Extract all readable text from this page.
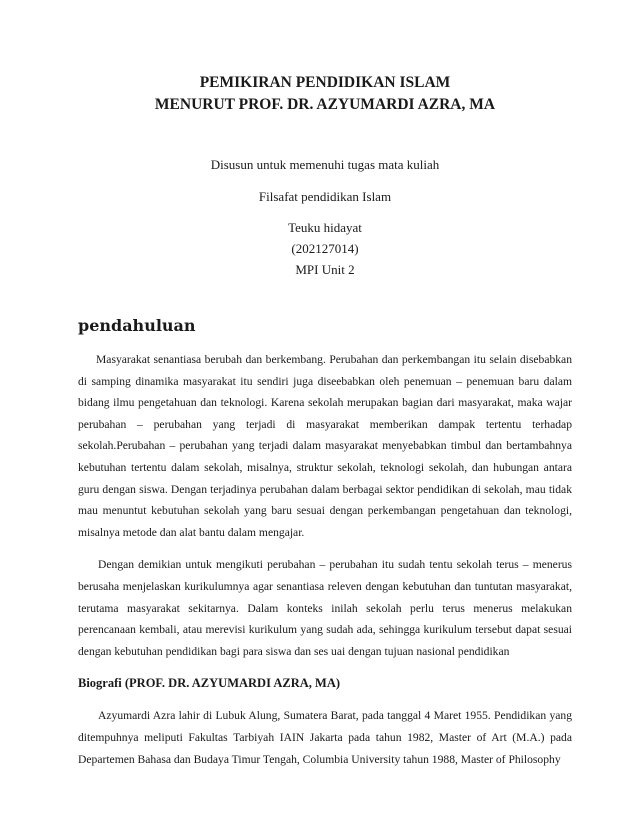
PEMIKIRAN PENDIDIKAN ISLAM

MENURUT PROF. DR. AZYUMARDI AZRA, MA

Disusun untuk memenuhi tugas mata kuliah

Filsafat pendidikan Islam

Teuku hidayat

(202127014)

MPI Unit 2

pendahuluan

Masyarakat senantiasa berubah dan berkembang. Perubahan dan perkembangan itu selain disebabkan di samping dinamika masyarakat itu sendiri juga diseebabkan oleh penemuan – penemuan baru dalam bidang ilmu pengetahuan dan teknologi. Karena sekolah merupakan bagian dari masyarakat, maka wajar perubahan – perubahan yang terjadi di masyarakat memberikan dampak tertentu terhadap sekolah.Perubahan – perubahan yang terjadi dalam masyarakat menyebabkan timbul dan bertambahnya kebutuhan tertentu dalam sekolah, misalnya, struktur sekolah, teknologi sekolah, dan hubungan antara guru dengan siswa. Dengan terjadinya perubahan dalam berbagai sektor pendidikan di sekolah, mau tidak mau menuntut kebutuhan sekolah yang baru sesuai dengan perkembangan pengetahuan dan teknologi, misalnya metode dan alat bantu dalam mengajar.

Dengan demikian untuk mengikuti perubahan – perubahan itu sudah tentu sekolah terus – menerus berusaha menjelaskan kurikulumnya agar senantiasa releven dengan kebutuhan dan tuntutan masyarakat, terutama masyarakat sekitarnya. Dalam konteks inilah sekolah perlu terus menerus melakukan perencanaan kembali, atau merevisi kurikulum yang sudah ada, sehingga kurikulum tersebut dapat sesuai dengan kebutuhan pendidikan bagi para siswa dan ses uai dengan tujuan nasional pendidikan

Biografi (PROF. DR. AZYUMARDI AZRA, MA)

Azyumardi Azra lahir di Lubuk Alung, Sumatera Barat, pada tanggal 4 Maret 1955. Pendidikan yang ditempuhnya meliputi Fakultas Tarbiyah IAIN Jakarta pada tahun 1982, Master of Art (M.A.) pada Departemen Bahasa dan Budaya Timur Tengah, Columbia University tahun 1988, Master of Philosophy
